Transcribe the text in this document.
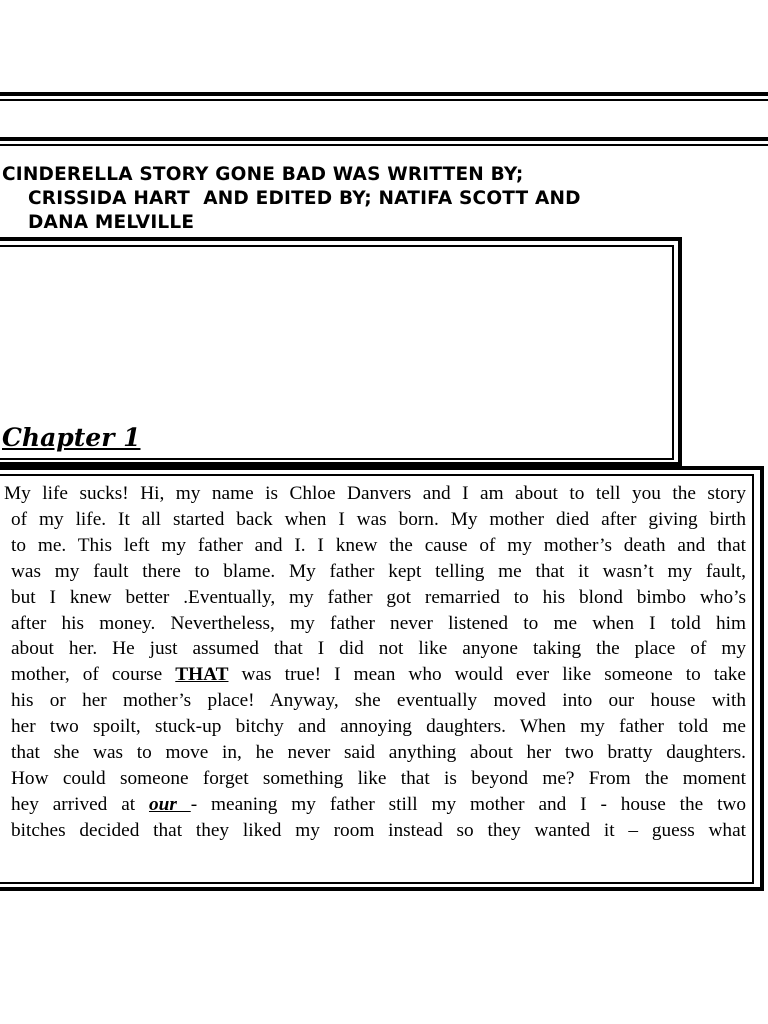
CINDERELLA STORY GONE BAD WAS WRITTEN BY;
CRISSIDA HART  AND EDITED BY; NATIFA SCOTT AND
DANA MELVILLE
Chapter 1
My life sucks! Hi, my name is Chloe Danvers and I am about to tell you the story
of my life. It all started back when I was born. My mother died after giving birth
to me. This left my father and I. I knew the cause of my mother’s death and that
was my fault there to blame. My father kept telling me that it wasn’t my fault,
but I knew better .Eventually, my father got remarried to his blond bimbo who’s
after his money. Nevertheless, my father never listened to me when I told him
about her. He just assumed that I did not like anyone taking the place of my
mother, of course THAT was true! I mean who would ever like someone to take
his or her mother’s place! Anyway, she eventually moved into our house with
her two spoilt, stuck-up bitchy and annoying daughters. When my father told me
that she was to move in, he never said anything about her two bratty daughters.
How could someone forget something like that is beyond me? From the moment
hey arrived at our - meaning my father still my mother and I - house the two
bitches decided that they liked my room instead so they wanted it – guess what
